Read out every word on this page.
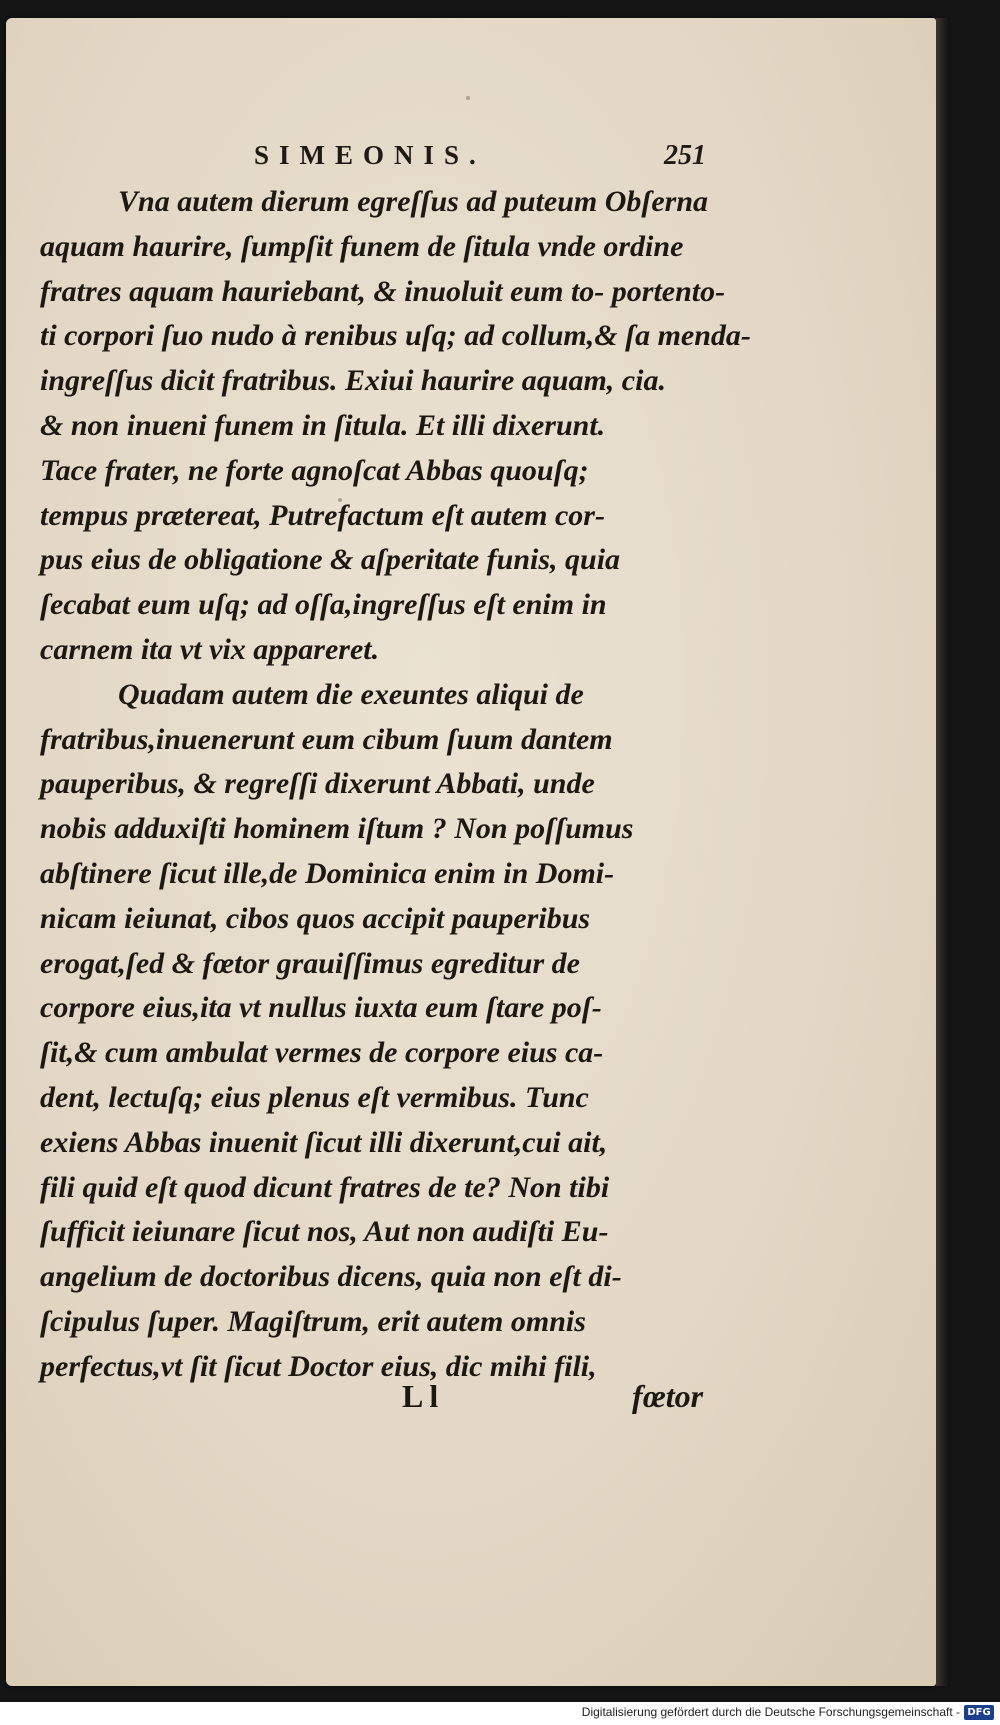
SIMEONIS.	251
Vna autem dierum egreſſus ad puteum Obſerna
aquam haurire, ſumpſit funem de ſitula vnde ordine
fratres aquam hauriebant, & inuoluit eum to- portento-
ti corpori ſuo nudo à renibus uſq; ad collum,& ſa menda-
ingreſſus dicit fratribus. Exiui haurire aquam, cia.
& non inueni funem in ſitula. Et illi dixerunt.
Tace frater, ne forte agnoſcat Abbas quouſq;
tempus prætereat, Putrefactum eſt autem cor-
pus eius de obligatione & aſperitate funis, quia
ſecabat eum uſq; ad oſſa,ingreſſus eſt enim in
carnem ita vt vix appareret.
Quadam autem die exeuntes aliqui de
fratribus,inuenerunt eum cibum ſuum dantem
pauperibus, & regreſſi dixerunt Abbati, unde
nobis adduxiſti hominem iſtum ? Non poſſumus
abſtinere ſicut ille,de Dominica enim in Domi-
nicam ieiunat, cibos quos accipit pauperibus
erogat,ſed & fœtor grauiſſimus egreditur de
corpore eius,ita vt nullus iuxta eum ſtare poſ-
ſit,& cum ambulat vermes de corpore eius ca-
dent, lectuſq; eius plenus eſt vermibus. Tunc
exiens Abbas inuenit ſicut illi dixerunt,cui ait,
fili quid eſt quod dicunt fratres de te? Non tibi
ſufficit ieiunare ſicut nos, Aut non audiſti Eu-
angelium de doctoribus dicens, quia non eſt di-
ſcipulus ſuper. Magiſtrum, erit autem omnis
perfectus,vt ſit ſicut Doctor eius, dic mihi fili,
Ll	fœtor
Digitalisierung gefördert durch die Deutsche Forschungsgemeinschaft - DFG
